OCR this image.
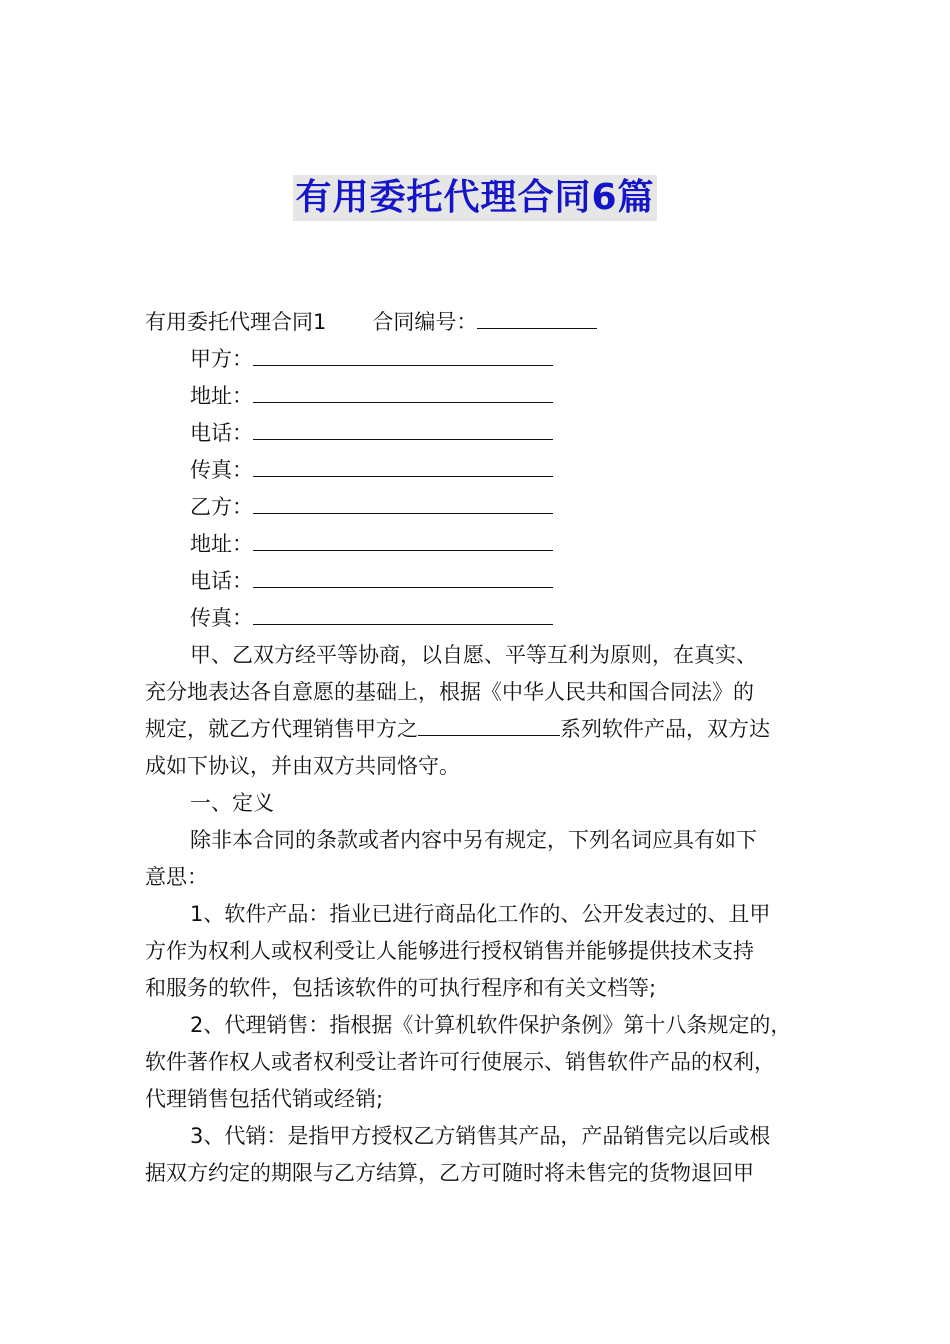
有用委托代理合同6篇
有用委托代理合同1 合同编号：
甲方：
地址：
电话：
传真：
乙方：
地址：
电话：
传真：
甲、乙双方经平等协商，以自愿、平等互利为原则，在真实、
充分地表达各自意愿的基础上，根据《中华人民共和国合同法》的
规定，就乙方代理销售甲方之	系列软件产品，双方达
成如下协议，并由双方共同恪守。
一、定义
除非本合同的条款或者内容中另有规定，下列名词应具有如下
意思：
1、软件产品：指业已进行商品化工作的、公开发表过的、且甲
方作为权利人或权利受让人能够进行授权销售并能够提供技术支持
和服务的软件，包括该软件的可执行程序和有关文档等;
2、代理销售：指根据《计算机软件保护条例》第十八条规定的，
软件著作权人或者权利受让者许可行使展示、销售软件产品的权利，
代理销售包括代销或经销;
3、代销：是指甲方授权乙方销售其产品，产品销售完以后或根
据双方约定的期限与乙方结算，乙方可随时将未售完的货物退回甲
